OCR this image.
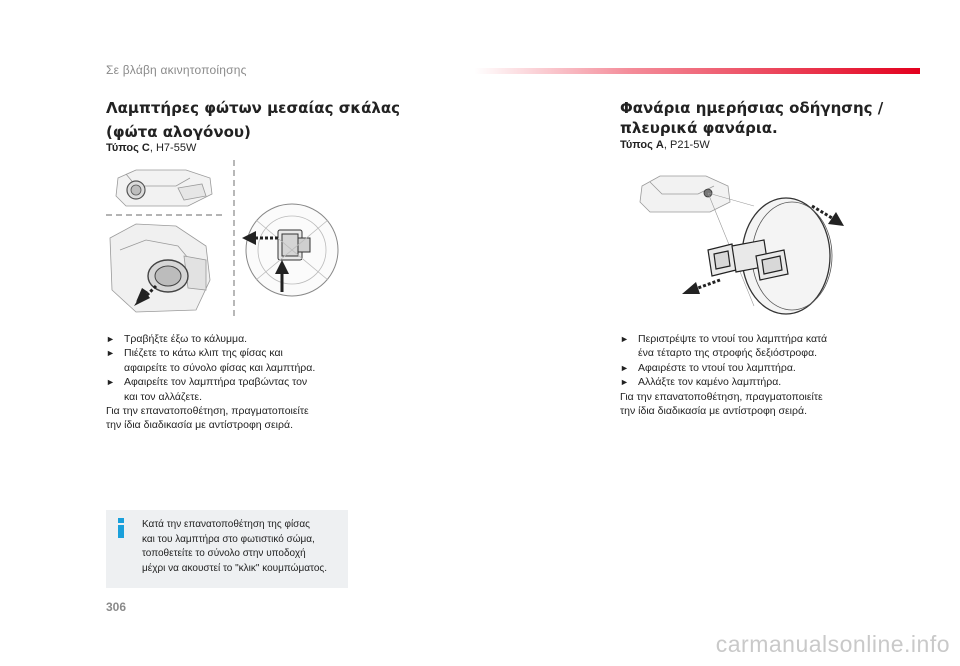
Σε βλάβη ακινητοποίησης
Λαμπτήρες φώτων μεσαίας σκάλας
(φώτα αλογόνου)
Τύπος C, H7-55W
► Τραβήξτε έξω το κάλυμμα.
► Πιέζετε το κάτω κλιπ της φίσας και
αφαιρείτε το σύνολο φίσας και λαμπτήρα.
► Αφαιρείτε τον λαμπτήρα τραβώντας τον
και τον αλλάζετε.
Για την επανατοποθέτηση, πραγματοποιείτε
την ίδια διαδικασία με αντίστροφη σειρά.
Κατά την επανατοποθέτηση της φίσας
και του λαμπτήρα στο φωτιστικό σώμα,
τοποθετείτε το σύνολο στην υποδοχή
μέχρι να ακουστεί το "κλικ" κουμπώματος.
Φανάρια ημερήσιας οδήγησης /
πλευρικά φανάρια.
Τύπος A, P21-5W
► Περιστρέψτε το ντουί του λαμπτήρα κατά
ένα τέταρτο της στροφής δεξιόστροφα.
► Αφαιρέστε το ντουί του λαμπτήρα.
► Αλλάξτε τον καμένο λαμπτήρα.
Για την επανατοποθέτηση, πραγματοποιείτε
την ίδια διαδικασία με αντίστροφη σειρά.
306
carmanualsonline.info
